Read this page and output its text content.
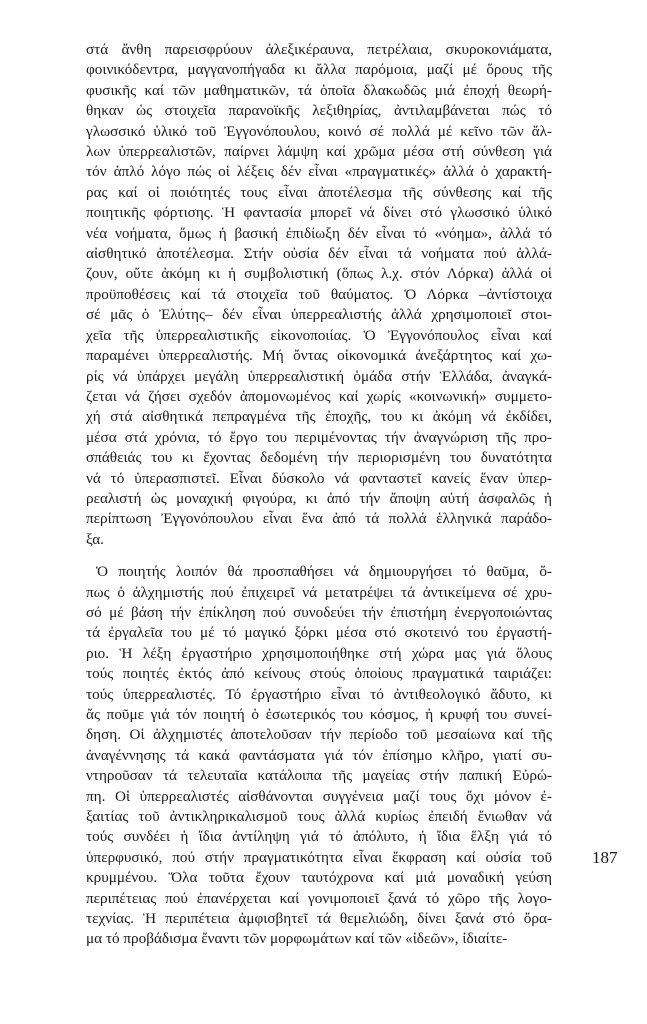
στά ἄνθη παρεισφρύουν ἀλεξικέραυνα, πετρέλαια, σκυροκονιάματα,
φοινικόδεντρα, μαγγανοπήγαδα κι ἄλλα παρόμοια, μαζί μέ ὅρους τῆς
φυσικῆς καί τῶν μαθηματικῶν, τά ὁποῖα δλακωδῶς μιά ἐποχή θεωρή-
θηκαν ὡς στοιχεῖα παρανοϊκῆς λεξιθηρίας, ἀντιλαμβάνεται πώς τό
γλωσσικό ὑλικό τοῦ Ἐγγονόπουλου, κοινό σέ πολλά μέ κεῖνο τῶν ἄλ-
λων ὑπερρεαλιστῶν, παίρνει λάμψη καί χρῶμα μέσα στή σύνθεση γιά
τόν ἁπλό λόγο πώς οἱ λέξεις δέν εἶναι «πραγματικές» ἀλλά ὁ χαρακτή-
ρας καί οἱ ποιότητές τους εἶναι ἀποτέλεσμα τῆς σύνθεσης καί τῆς
ποιητικῆς φόρτισης. Ἡ φαντασία μπορεῖ νά δίνει στό γλωσσικό ὑλικό
νέα νοήματα, ὅμως ἡ βασική ἐπιδίωξη δέν εἶναι τό «νόημα», ἀλλά τό
αἰσθητικό ἀποτέλεσμα. Στήν οὐσία δέν εἶναι τά νοήματα πού ἀλλά-
ζουν, οὔτε ἀκόμη κι ἡ συμβολιστική (ὅπως λ.χ. στόν Λόρκα) ἀλλά οἱ
προϋποθέσεις καί τά στοιχεῖα τοῦ θαύματος. Ὁ Λόρκα –ἀντίστοιχα
σέ μᾶς ὁ Ἐλύτης– δέν εἶναι ὑπερρεαλιστής ἀλλά χρησιμοποιεῖ στοι-
χεῖα τῆς ὑπερρεαλιστικῆς εἰκονοποιίας. Ὁ Ἐγγονόπουλος εἶναι καί
παραμένει ὑπερρεαλιστής. Μή ὄντας οἰκονομικά ἀνεξάρτητος καί χω-
ρίς νά ὑπάρχει μεγάλη ὑπερρεαλιστική ὁμάδα στήν Ἑλλάδα, ἀναγκά-
ζεται νά ζήσει σχεδόν ἀπομονωμένος καί χωρίς «κοινωνική» συμμετο-
χή στά αἰσθητικά πεπραγμένα τῆς ἐποχῆς, του κι ἀκόμη νά ἐκδίδει,
μέσα στά χρόνια, τό ἔργο του περιμένοντας τήν ἀναγνώριση τῆς προ-
σπάθειάς του κι ἔχοντας δεδομένη τήν περιορισμένη του δυνατότητα
νά τό ὑπερασπιστεῖ. Εἶναι δύσκολο νά φανταστεῖ κανείς ἕναν ὑπερ-
ρεαλιστή ὡς μοναχική φιγούρα, κι ἀπό τήν ἄποψη αὐτή ἀσφαλῶς ἡ
περίπτωση Ἐγγονόπουλου εἶναι ἕνα ἀπό τά πολλά ἑλληνικά παράδο-
ξα.
Ὁ ποιητής λοιπόν θά προσπαθήσει νά δημιουργήσει τό θαῦμα, ὅ-
πως ὁ ἀλχημιστής πού ἐπιχειρεῖ νά μετατρέψει τά ἀντικείμενα σέ χρυ-
σό μέ βάση τήν ἐπίκληση πού συνοδεύει τήν ἐπιστήμη ἐνεργοποιώντας
τά ἐργαλεῖα του μέ τό μαγικό ξόρκι μέσα στό σκοτεινό του ἐργαστή-
ριο. Ἡ λέξη ἐργαστήριο χρησιμοποιήθηκε στή χώρα μας γιά ὅλους
τούς ποιητές ἐκτός ἀπό κείνους στούς ὁποίους πραγματικά ταιριάζει:
τούς ὑπερρεαλιστές. Τό ἐργαστήριο εἶναι τό ἀντιθεολογικό ἄδυτο, κι
ἄς ποῦμε γιά τόν ποιητή ὁ ἐσωτερικός του κόσμος, ἡ κρυφή του συνεί-
δηση. Οἱ ἀλχημιστές ἀποτελοῦσαν τήν περίοδο τοῦ μεσαίωνα καί τῆς
ἀναγέννησης τά κακά φαντάσματα γιά τόν ἐπίσημο κλῆρο, γιατί συ-
ντηροῦσαν τά τελευταῖα κατάλοιπα τῆς μαγείας στήν παπική Εὐρώ-
πη. Οἱ ὑπερρεαλιστές αἰσθάνονται συγγένεια μαζί τους ὄχι μόνον ἐ-
ξαιτίας τοῦ ἀντικληρικαλισμοῦ τους ἀλλά κυρίως ἐπειδή ἔνιωθαν νά
τούς συνδέει ἡ ἴδια ἀντίληψη γιά τό ἀπόλυτο, ἡ ἴδια ἕλξη γιά τό
ὑπερφυσικό, πού στήν πραγματικότητα εἶναι ἔκφραση καί οὐσία τοῦ
κρυμμένου. Ὅλα τοῦτα ἔχουν ταυτόχρονα καί μιά μοναδική γεύση
περιπέτειας πού ἐπανέρχεται καί γονιμοποιεῖ ξανά τό χῶρο τῆς λογο-
τεχνίας. Ἡ περιπέτεια ἀμφισβητεῖ τά θεμελιώδη, δίνει ξανά στό ὄρα-
μα τό προβάδισμα ἔναντι τῶν μορφωμάτων καί τῶν «ἰδεῶν», ἰδιαίτε-
187
